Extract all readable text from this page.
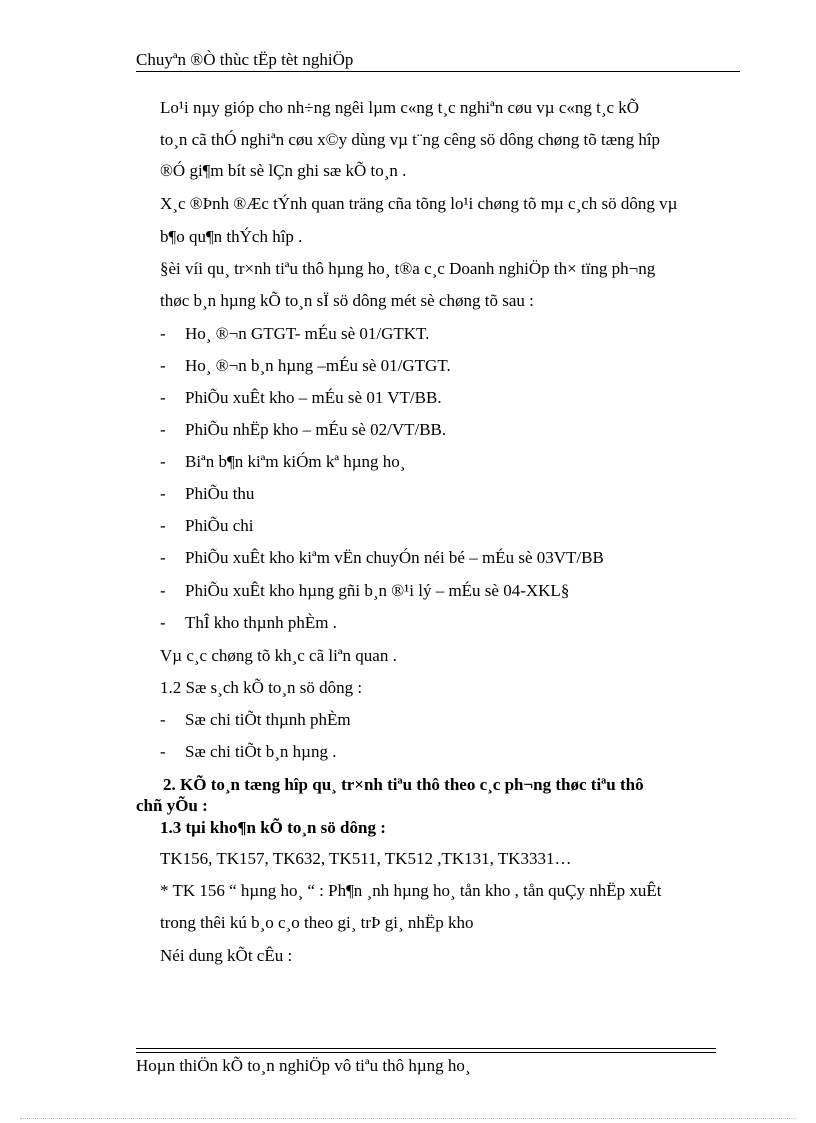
Chuyªn ®Ò thùc tËp tèt nghiÖp
Lo¹i nµy gióp cho nh÷ng ngêi lµm c«ng t¸c nghiªn cøu vµ c«ng t¸c kÕ
to¸n cã thÓ nghiªn cøu x©y dùng vµ t¨ng cêng sö dông chøng tõ tæng hîp
®Ó gi¶m bít sè lÇn ghi sæ kÕ to¸n .
X¸c ®Þnh ®Æc tÝnh quan träng cña tõng lo¹i chøng tõ mµ c¸ch sö dông vµ
b¶o qu¶n thÝch hîp .
§èi víi qu¸ tr×nh tiªu thô hµng ho¸ t®a c¸c Doanh nghiÖp th× tïng ph¬ng
thøc b¸n hµng kÕ to¸n sÏ sö dông mét sè chøng tõ sau :
- Ho¸ ®¬n GTGT- mÉu sè 01/GTKT.
- Ho¸ ®¬n b¸n hµng –mÉu sè 01/GTGT.
- PhiÕu xuÊt kho – mÉu sè 01 VT/BB.
- PhiÕu nhËp kho – mÉu sè 02/VT/BB.
- Biªn b¶n kiªm kiÓm kª hµng ho¸
- PhiÕu thu
- PhiÕu chi
- PhiÕu xuÊt kho kiªm vËn chuyÓn néi bé – mÉu sè 03VT/BB
- PhiÕu xuÊt kho hµng gñi b¸n ®¹i lý – mÉu sè 04-XKL§
- ThÎ kho thµnh phÈm .
Vµ c¸c chøng tõ kh¸c cã liªn quan .
1.2 Sæ s¸ch kÕ to¸n sö dông :
- Sæ chi tiÕt thµnh phÈm
- Sæ chi tiÕt b¸n hµng .
2. KÕ to¸n tæng hîp qu¸ tr×nh tiªu thô theo c¸c ph¬ng thøc tiªu thô
chñ yÕu :
1.3 tµi kho¶n kÕ to¸n sö dông :
TK156, TK157, TK632, TK511, TK512 ,TK131, TK3331…
* TK 156 “ hµng ho¸ “ : Ph¶n ¸nh hµng ho¸ tån kho , tån quÇy nhËp xuÊt
trong thêi kú b¸o c¸o theo gi¸ trÞ gi¸ nhËp kho
Néi dung kÕt cÊu :
Hoµn thiÖn kÕ to¸n nghiÖp vô tiªu thô hµng ho¸
